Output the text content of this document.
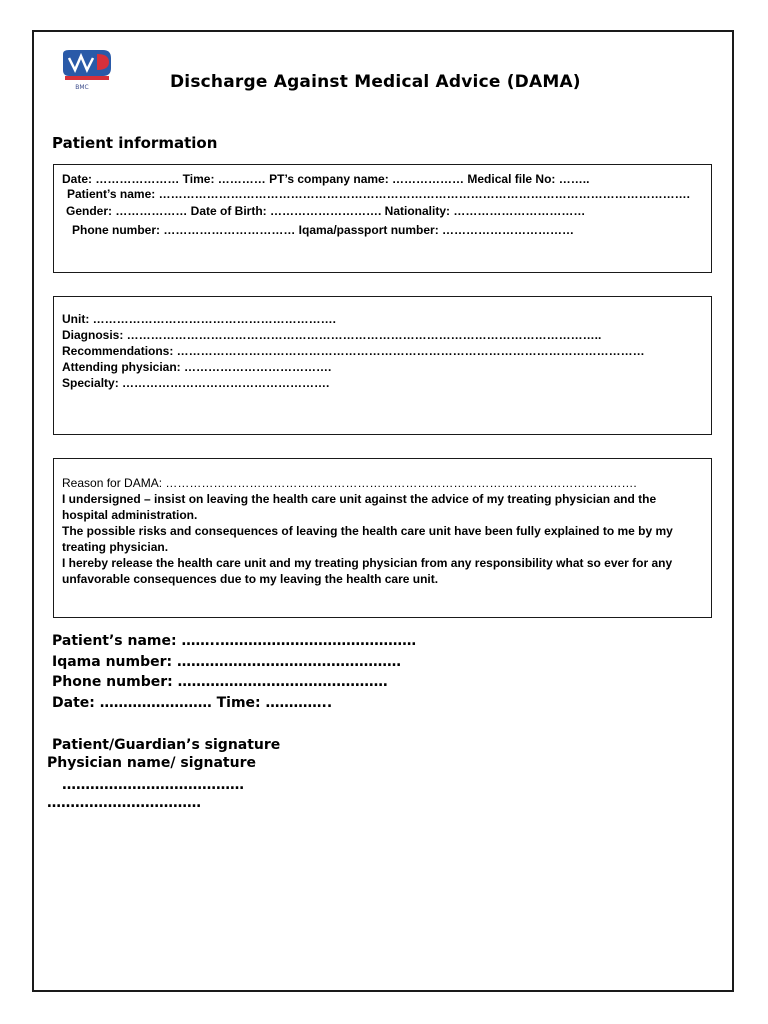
BMC	Discharge Against Medical Advice (DAMA)
Patient information
Date: ………………… Time: ………… PT’s company name: ……………… Medical file No: ……..
Patient’s name: …………………………………………………………………………………………………………………….
Gender: ……………… Date of Birth: ………………………. Nationality: ……………………………
Phone number: …………………………… Iqama/passport number: ……………………………
Unit: …………………………………………………….
Diagnosis: ………………………………………………………………………………………………………..
Recommendations: ………………………………………………………………………………………………………
Attending physician: ……………………………….
Specialty: …………………………………………….
Reason for DAMA: ……………………………………………………………………………………………………….
I undersigned – insist on leaving the health care unit against the advice of my treating physician and the hospital administration.
The possible risks and consequences of leaving the health care unit have been fully explained to me by my treating physician.
I hereby release the health care unit and my treating physician from any responsibility what so ever for any unfavorable consequences due to my leaving the health care unit.
Patient’s name: ……..……………………………………
Iqama number: …………………………………………
Phone number: ………………………………………
Date: …………………… Time: …………..
Patient/Guardian’s signature
Physician name/ signature
…………………………………
……………………………
